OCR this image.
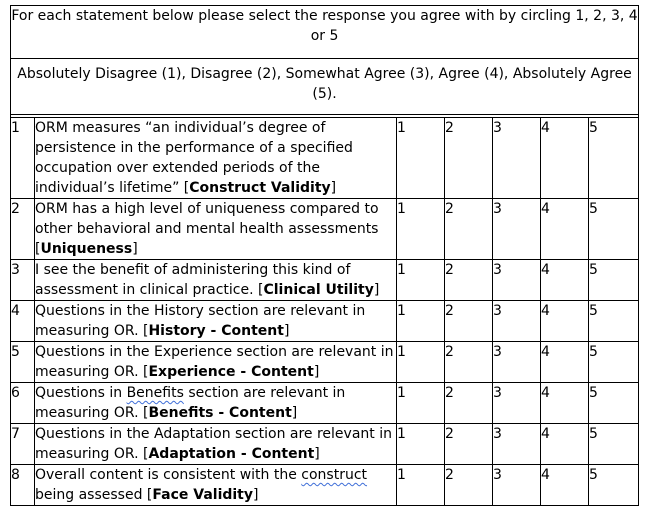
For each statement below please select the response you agree with by circling 1, 2, 3, 4 or 5						
Absolutely Disagree (1), Disagree (2), Somewhat Agree (3), Agree (4), Absolutely Agree (5).						

1	ORM measures “an individual’s degree of persistence in the performance of a specified occupation over extended periods of the individual’s lifetime” [Construct Validity]	1	2	3	4	5
2	ORM has a high level of uniqueness compared to other behavioral and mental health assessments [Uniqueness]	1	2	3	4	5
3	I see the benefit of administering this kind of assessment in clinical practice. [Clinical Utility]	1	2	3	4	5
4	Questions in the History section are relevant in measuring OR. [History - Content]	1	2	3	4	5
5	Questions in the Experience section are relevant in measuring OR. [Experience - Content]	1	2	3	4	5
6	Questions in Benefits section are relevant in measuring OR. [Benefits - Content]	1	2	3	4	5
7	Questions in the Adaptation section are relevant in measuring OR. [Adaptation - Content]	1	2	3	4	5
8	Overall content is consistent with the construct being assessed [Face Validity]	1	2	3	4	5
